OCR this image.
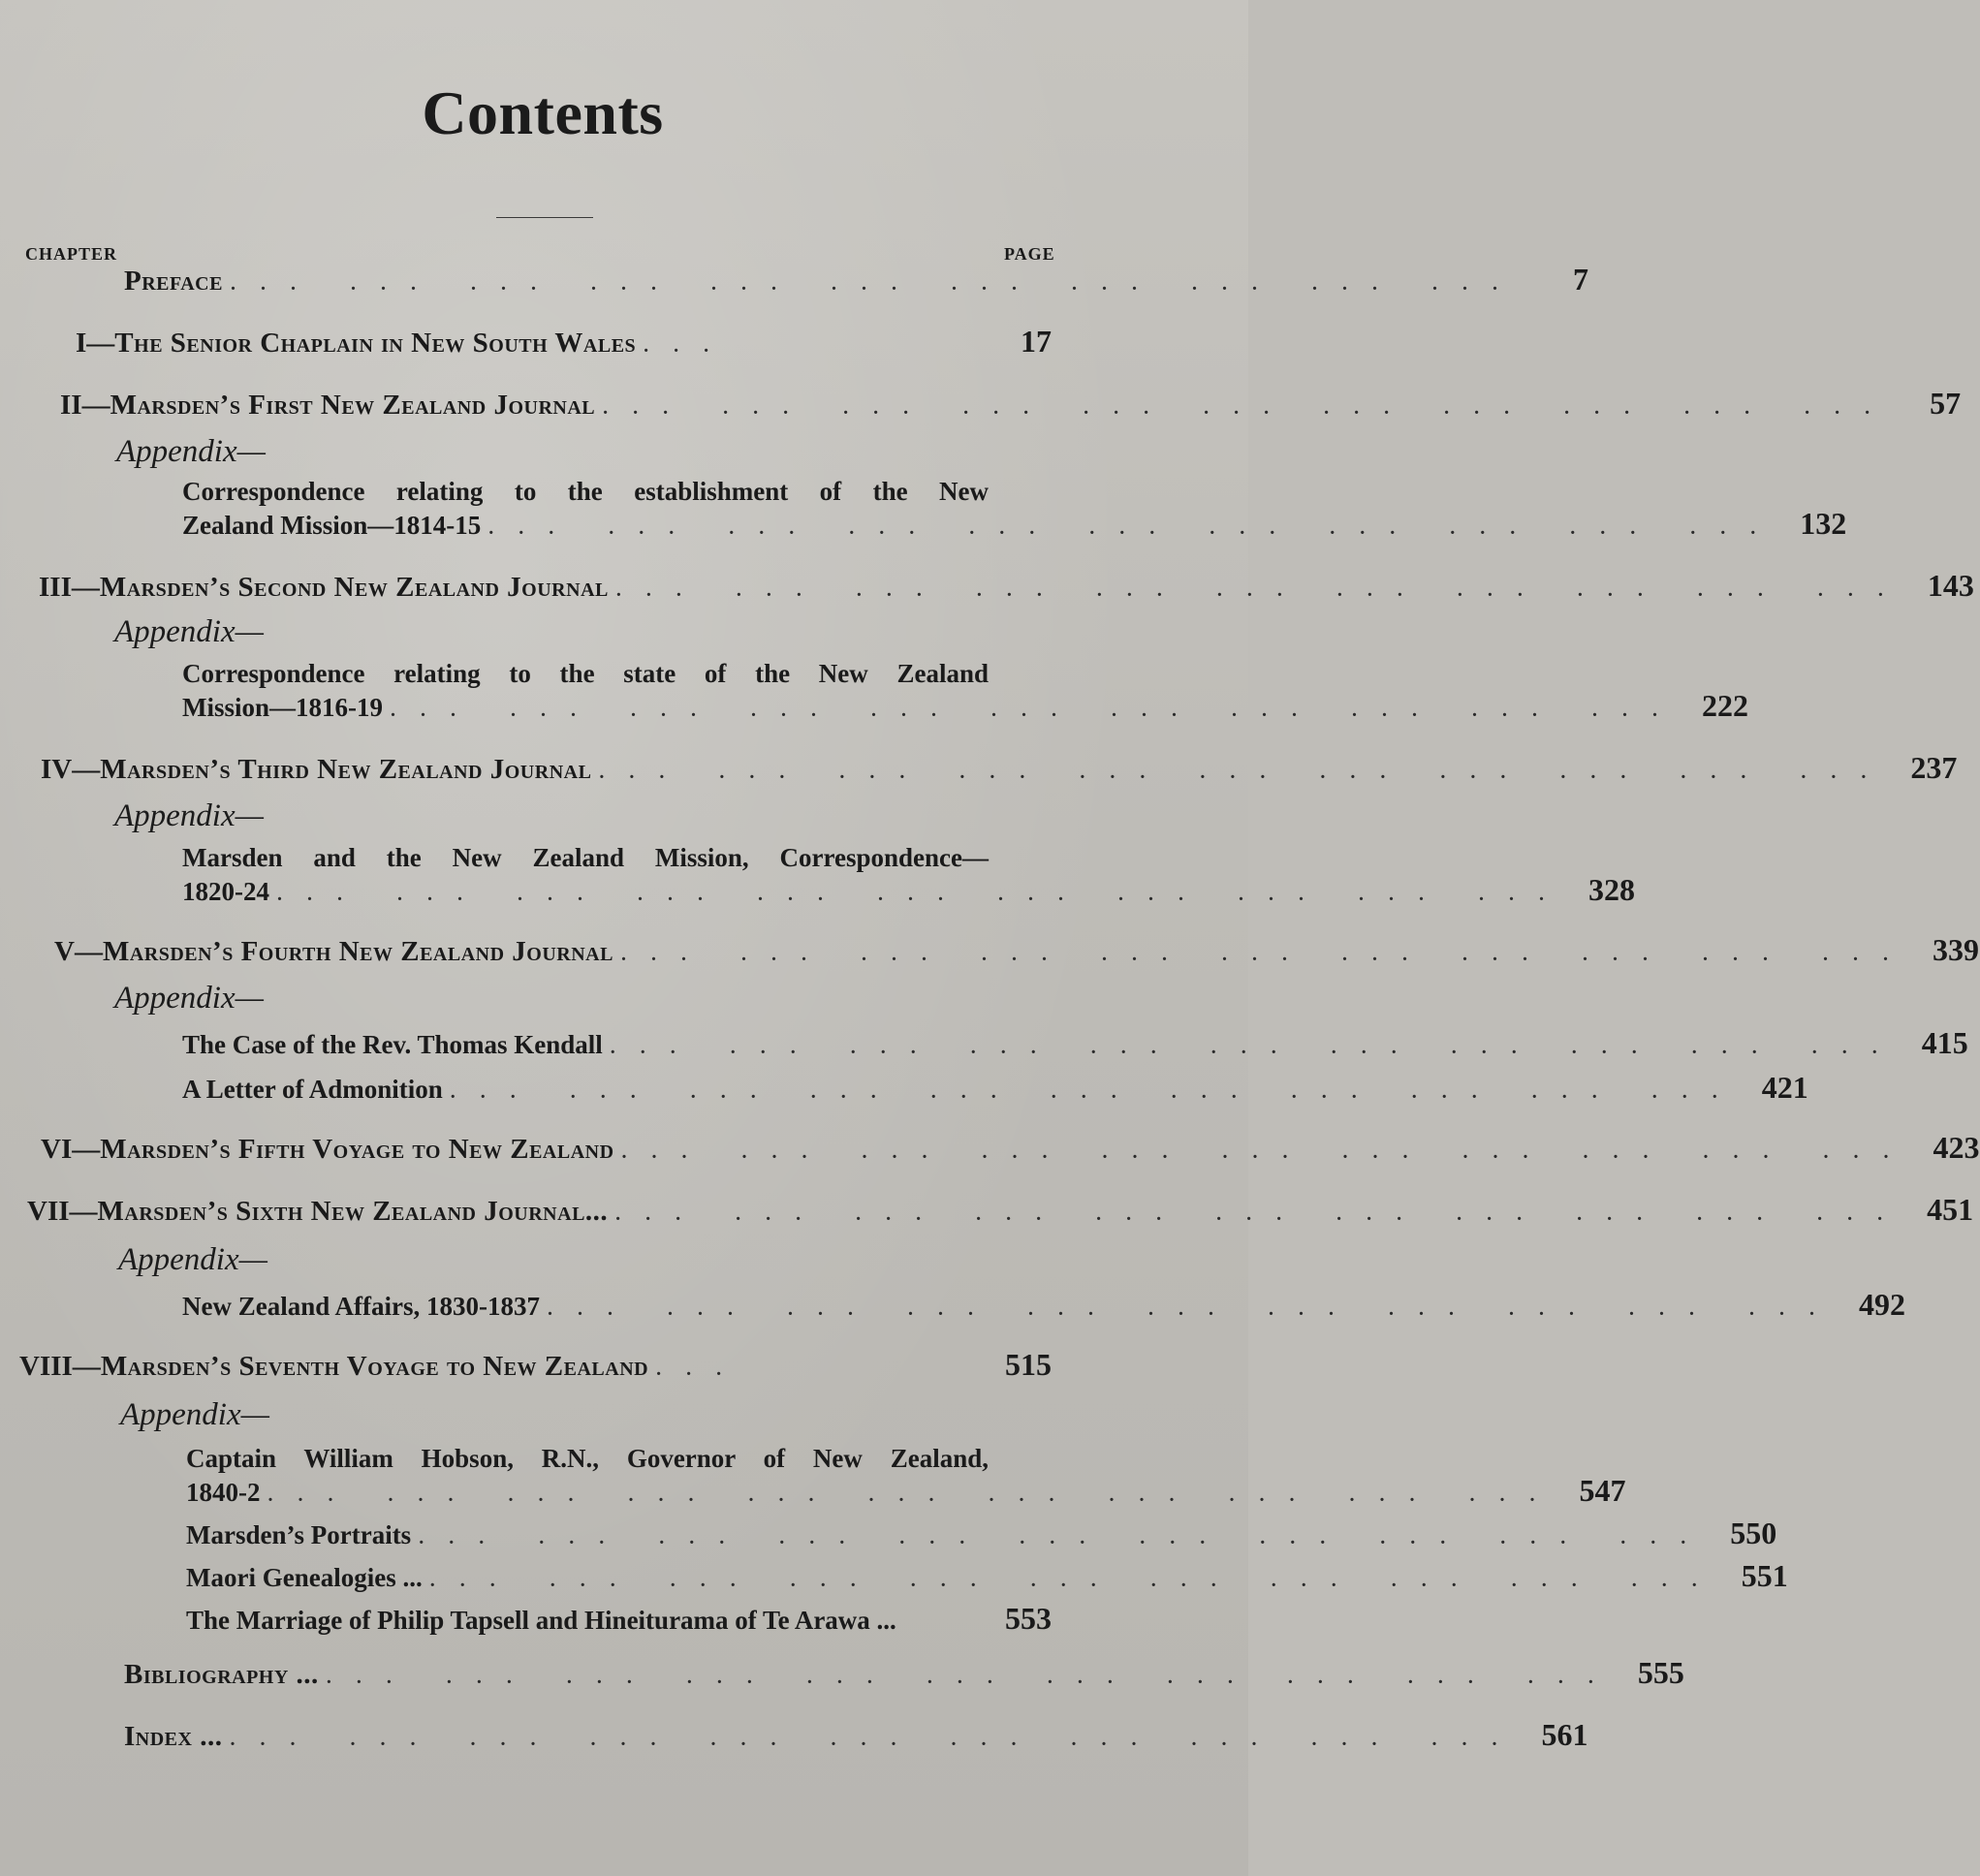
Contents
CHAPTER	PAGE
Preface ... ... ... ... ... ... ... ... ... ... ...	7
I— The Senior Chaplain in New South Wales ...	17
II— Marsden’s First New Zealand Journal ... ... ... ... ... ... ... ... ... ... ...	57
Appendix—
Correspondence relating to the establishment of the New
Zealand Mission—1814-15 ... ... ... ... ... ... ... ... ... ... ... 132
III— Marsden’s Second New Zealand Journal ... ... ... ... ... ... ... ... ... ... ... 143
Appendix—
Correspondence relating to the state of the New Zealand
Mission—1816-19 ... ... ... ... ... ... ... ... ... ... ... 222
IV— Marsden’s Third New Zealand Journal ... ... ... ... ... ... ... ... ... ... ... 237
Appendix—
Marsden and the New Zealand Mission, Correspondence—
1820-24 ... ... ... ... ... ... ... ... ... ... ... 328
V— Marsden’s Fourth New Zealand Journal ... ... ... ... ... ... ... ... ... ... ... 339
Appendix—
The Case of the Rev. Thomas Kendall ... ... ... ... ... ... ... ... ... ... ... 415
A Letter of Admonition ... ... ... ... ... ... ... ... ... ... ... 421
VI— Marsden’s Fifth Voyage to New Zealand ... ... ... ... ... ... ... ... ... ... ... 423
VII— Marsden’s Sixth New Zealand Journal... ... ... ... ... ... ... ... ... ... ... ... 451
Appendix—
New Zealand Affairs, 1830-1837 ... ... ... ... ... ... ... ... ... ... ... 492
VIII— Marsden’s Seventh Voyage to New Zealand ...	515
Appendix—
Captain William Hobson, R.N., Governor of New Zealand,
1840-2 ... ... ... ... ... ... ... ... ... ... ... 547
Marsden’s Portraits ... ... ... ... ... ... ... ... ... ... ... 550
Maori Genealogies ... ... ... ... ... ... ... ... ... ... ... ... 551
The Marriage of Philip Tapsell and Hineiturama of Te Arawa ...	553
Bibliography ... ... ... ... ... ... ... ... ... ... ... ... 555
Index ... ... ... ... ... ... ... ... ... ... ... ... 561
